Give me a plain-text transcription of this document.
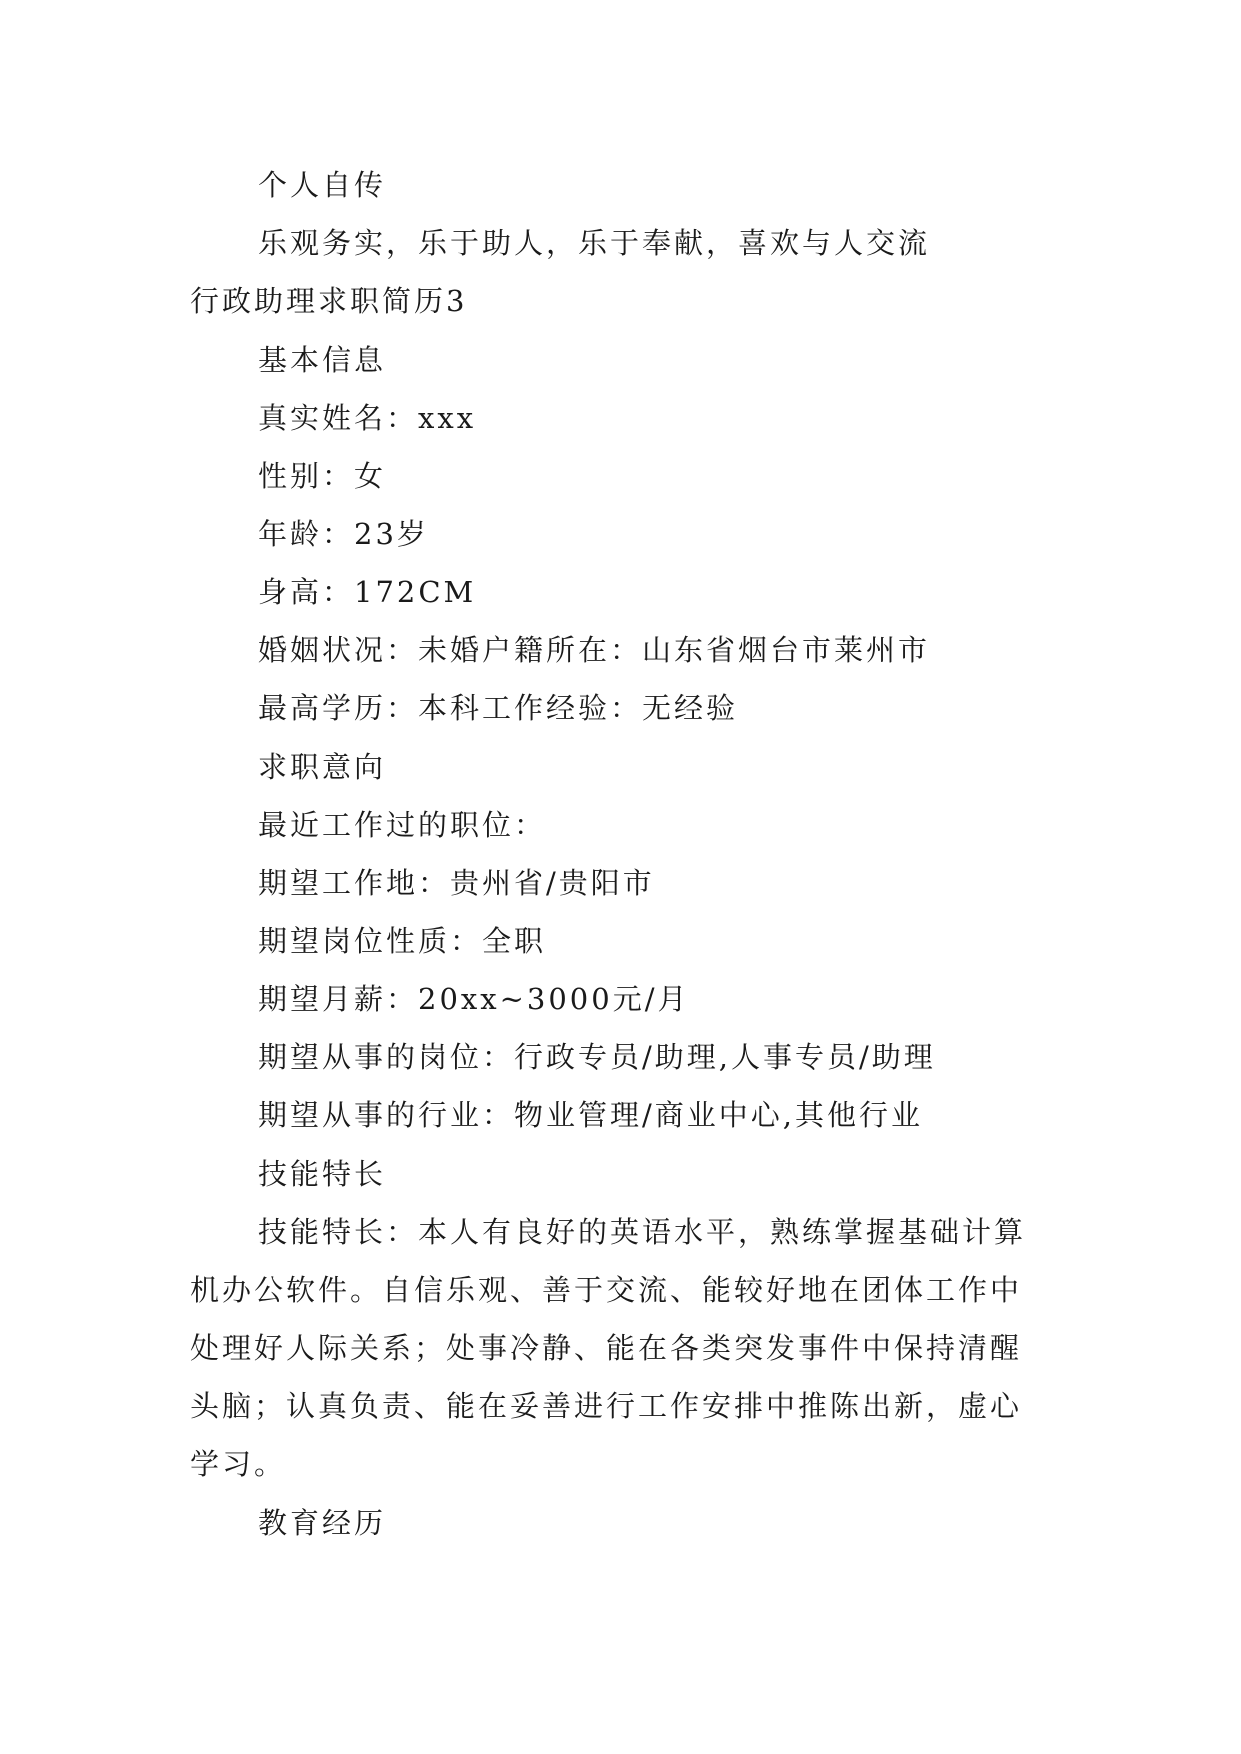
个人自传
乐观务实，乐于助人，乐于奉献，喜欢与人交流
行政助理求职简历3
基本信息
真实姓名：xxx
性别：女
年龄：23岁
身高：172CM
婚姻状况：未婚户籍所在：山东省烟台市莱州市
最高学历：本科工作经验：无经验
求职意向
最近工作过的职位：
期望工作地：贵州省/贵阳市
期望岗位性质：全职
期望月薪：20xx~3000元/月
期望从事的岗位：行政专员/助理,人事专员/助理
期望从事的行业：物业管理/商业中心,其他行业
技能特长
技能特长：本人有良好的英语水平，熟练掌握基础计算
机办公软件。自信乐观、善于交流、能较好地在团体工作中
处理好人际关系；处事冷静、能在各类突发事件中保持清醒
头脑；认真负责、能在妥善进行工作安排中推陈出新，虚心
学习。
教育经历
